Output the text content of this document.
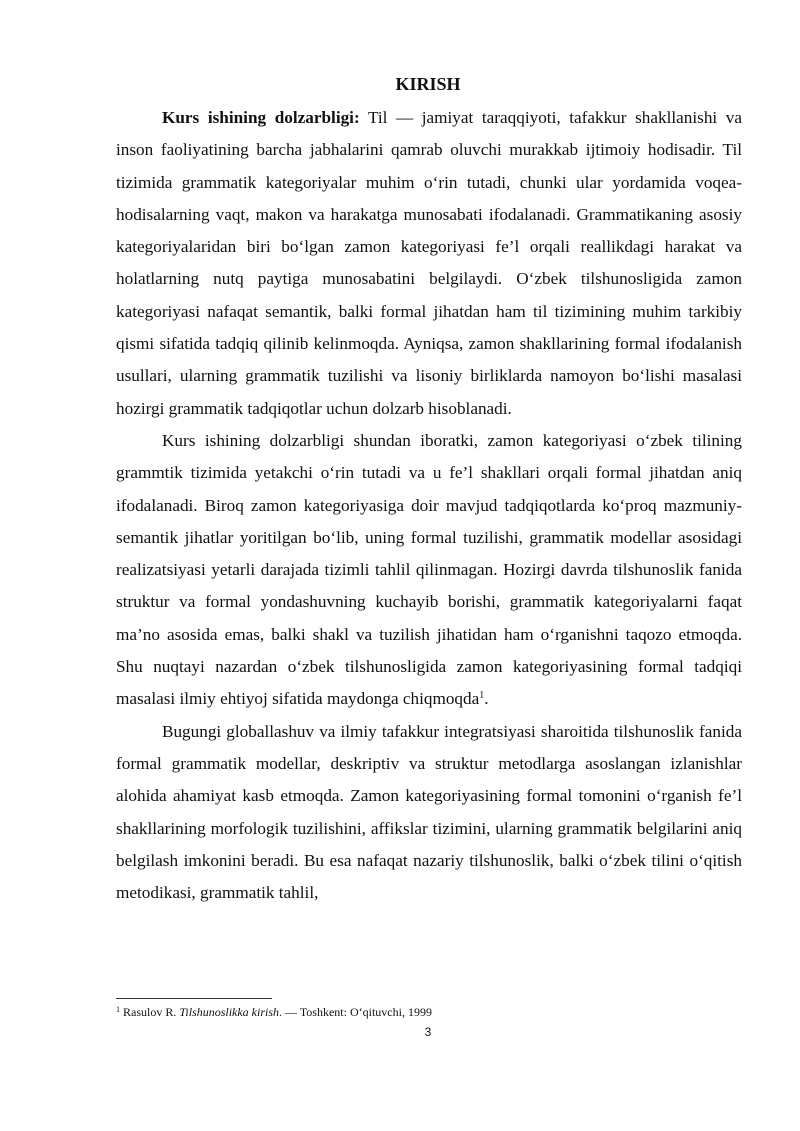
KIRISH

Kurs ishining dolzarbligi: Til — jamiyat taraqqiyoti, tafakkur shakllanishi va inson faoliyatining barcha jabhalarini qamrab oluvchi murakkab ijtimoiy hodisadir. Til tizimida grammatik kategoriyalar muhim o‘rin tutadi, chunki ular yordamida voqea-hodisalarning vaqt, makon va harakatga munosabati ifodalanadi. Grammatikaning asosiy kategoriyalaridan biri bo‘lgan zamon kategoriyasi fe’l orqali reallikdagi harakat va holatlarning nutq paytiga munosabatini belgilaydi. O‘zbek tilshunosligida zamon kategoriyasi nafaqat semantik, balki formal jihatdan ham til tizimining muhim tarkibiy qismi sifatida tadqiq qilinib kelinmoqda. Ayniqsa, zamon shakllarining formal ifodalanish usullari, ularning grammatik tuzilishi va lisoniy birliklarda namoyon bo‘lishi masalasi hozirgi grammatik tadqiqotlar uchun dolzarb hisoblanadi.

Kurs ishining dolzarbligi shundan iboratki, zamon kategoriyasi o‘zbek tilining grammtik tizimida yetakchi o‘rin tutadi va u fe’l shakllari orqali formal jihatdan aniq ifodalanadi. Biroq zamon kategoriyasiga doir mavjud tadqiqotlarda ko‘proq mazmuniy-semantik jihatlar yoritilgan bo‘lib, uning formal tuzilishi, grammatik modellar asosidagi realizatsiyasi yetarli darajada tizimli tahlil qilinmagan. Hozirgi davrda tilshunoslik fanida struktur va formal yondashuvning kuchayib borishi, grammatik kategoriyalarni faqat ma’no asosida emas, balki shakl va tuzilish jihatidan ham o‘rganishni taqozo etmoqda. Shu nuqtayi nazardan o‘zbek tilshunosligida zamon kategoriyasining formal tadqiqi masalasi ilmiy ehtiyoj sifatida maydonga chiqmoqda$^1$.

Bugungi globallashuv va ilmiy tafakkur integratsiyasi sharoitida tilshunoslik fanida formal grammatik modellar, deskriptiv va struktur metodlarga asoslangan izlanishlar alohida ahamiyat kasb etmoqda. Zamon kategoriyasining formal tomonini o‘rganish fe’l shakllarining morfologik tuzilishini, affikslar tizimini, ularning grammatik belgilarini aniq belgilash imkonini beradi. Bu esa nafaqat nazariy tilshunoslik, balki o‘zbek tilini o‘qitish metodikasi, grammatik tahlil,

$^1$ Rasulov R. Tilshunoslikka kirish. — Toshkent: O‘qituvchi, 1999
3
